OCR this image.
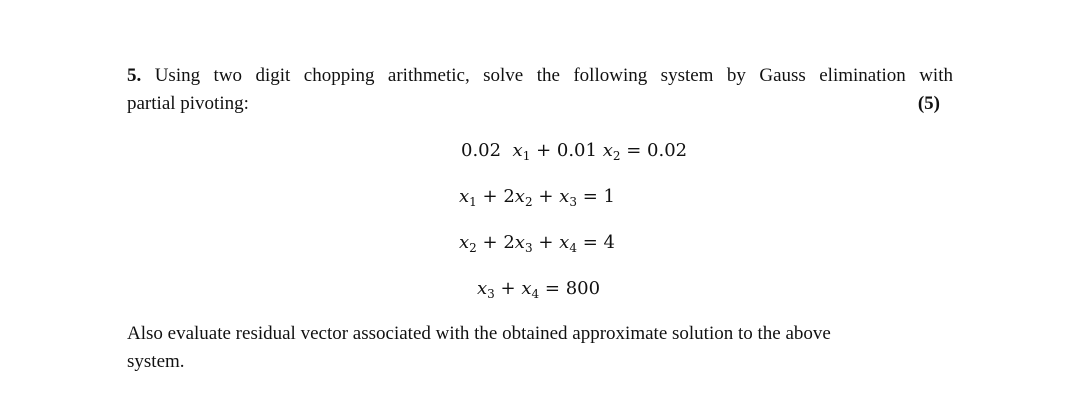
5. Using two digit chopping arithmetic, solve the following system by Gauss elimination with

partial pivoting:	(5)
0.02 $x_1 + 0.01$ $x_2 = 0.02$
$x_1 + 2x_2 + x_3 = 1$
$x_2 + 2x_3 + x_4 = 4$
$x_3 + x_4 = 800$

Also evaluate residual vector associated with the obtained approximate solution to the above

system.
